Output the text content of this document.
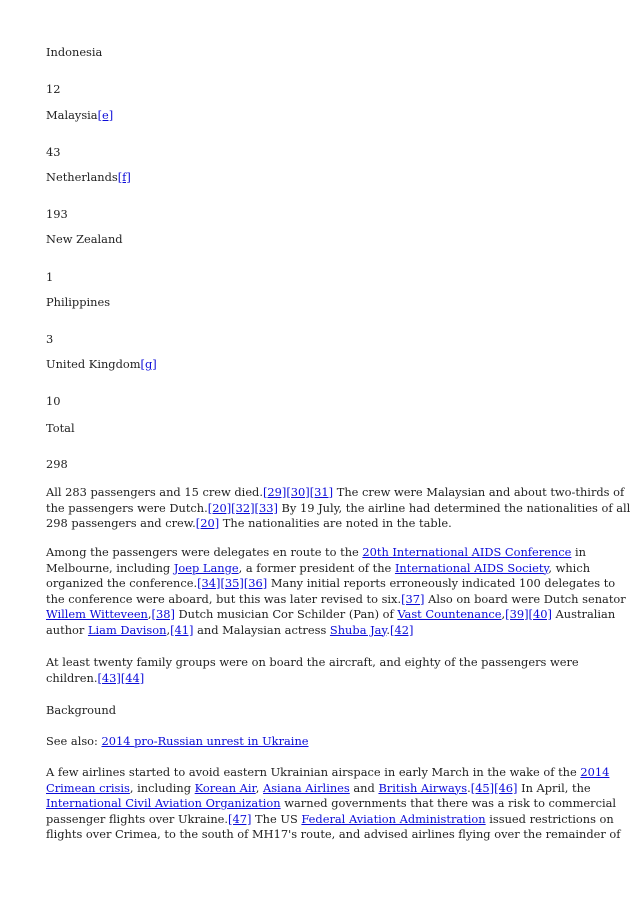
Indonesia
12
Malaysia[e]
43
Netherlands[f]
193
New Zealand
1
Philippines
3
United Kingdom[g]
10
Total
298
All 283 passengers and 15 crew died.[29][30][31] The crew were Malaysian and about two-thirds of
the passengers were Dutch.[20][32][33] By 19 July, the airline had determined the nationalities of all
298 passengers and crew.[20] The nationalities are noted in the table.
Among the passengers were delegates en route to the 20th International AIDS Conference in
Melbourne, including Joep Lange, a former president of the International AIDS Society, which
organized the conference.[34][35][36] Many initial reports erroneously indicated 100 delegates to
the conference were aboard, but this was later revised to six.[37] Also on board were Dutch senator
Willem Witteveen,[38] Dutch musician Cor Schilder (Pan) of Vast Countenance,[39][40] Australian
author Liam Davison,[41] and Malaysian actress Shuba Jay.[42]
At least twenty family groups were on board the aircraft, and eighty of the passengers were
children.[43][44]
Background
See also: 2014 pro-Russian unrest in Ukraine
A few airlines started to avoid eastern Ukrainian airspace in early March in the wake of the 2014
Crimean crisis, including Korean Air, Asiana Airlines and British Airways.[45][46] In April, the
International Civil Aviation Organization warned governments that there was a risk to commercial
passenger flights over Ukraine.[47] The US Federal Aviation Administration issued restrictions on
flights over Crimea, to the south of MH17's route, and advised airlines flying over the remainder of
